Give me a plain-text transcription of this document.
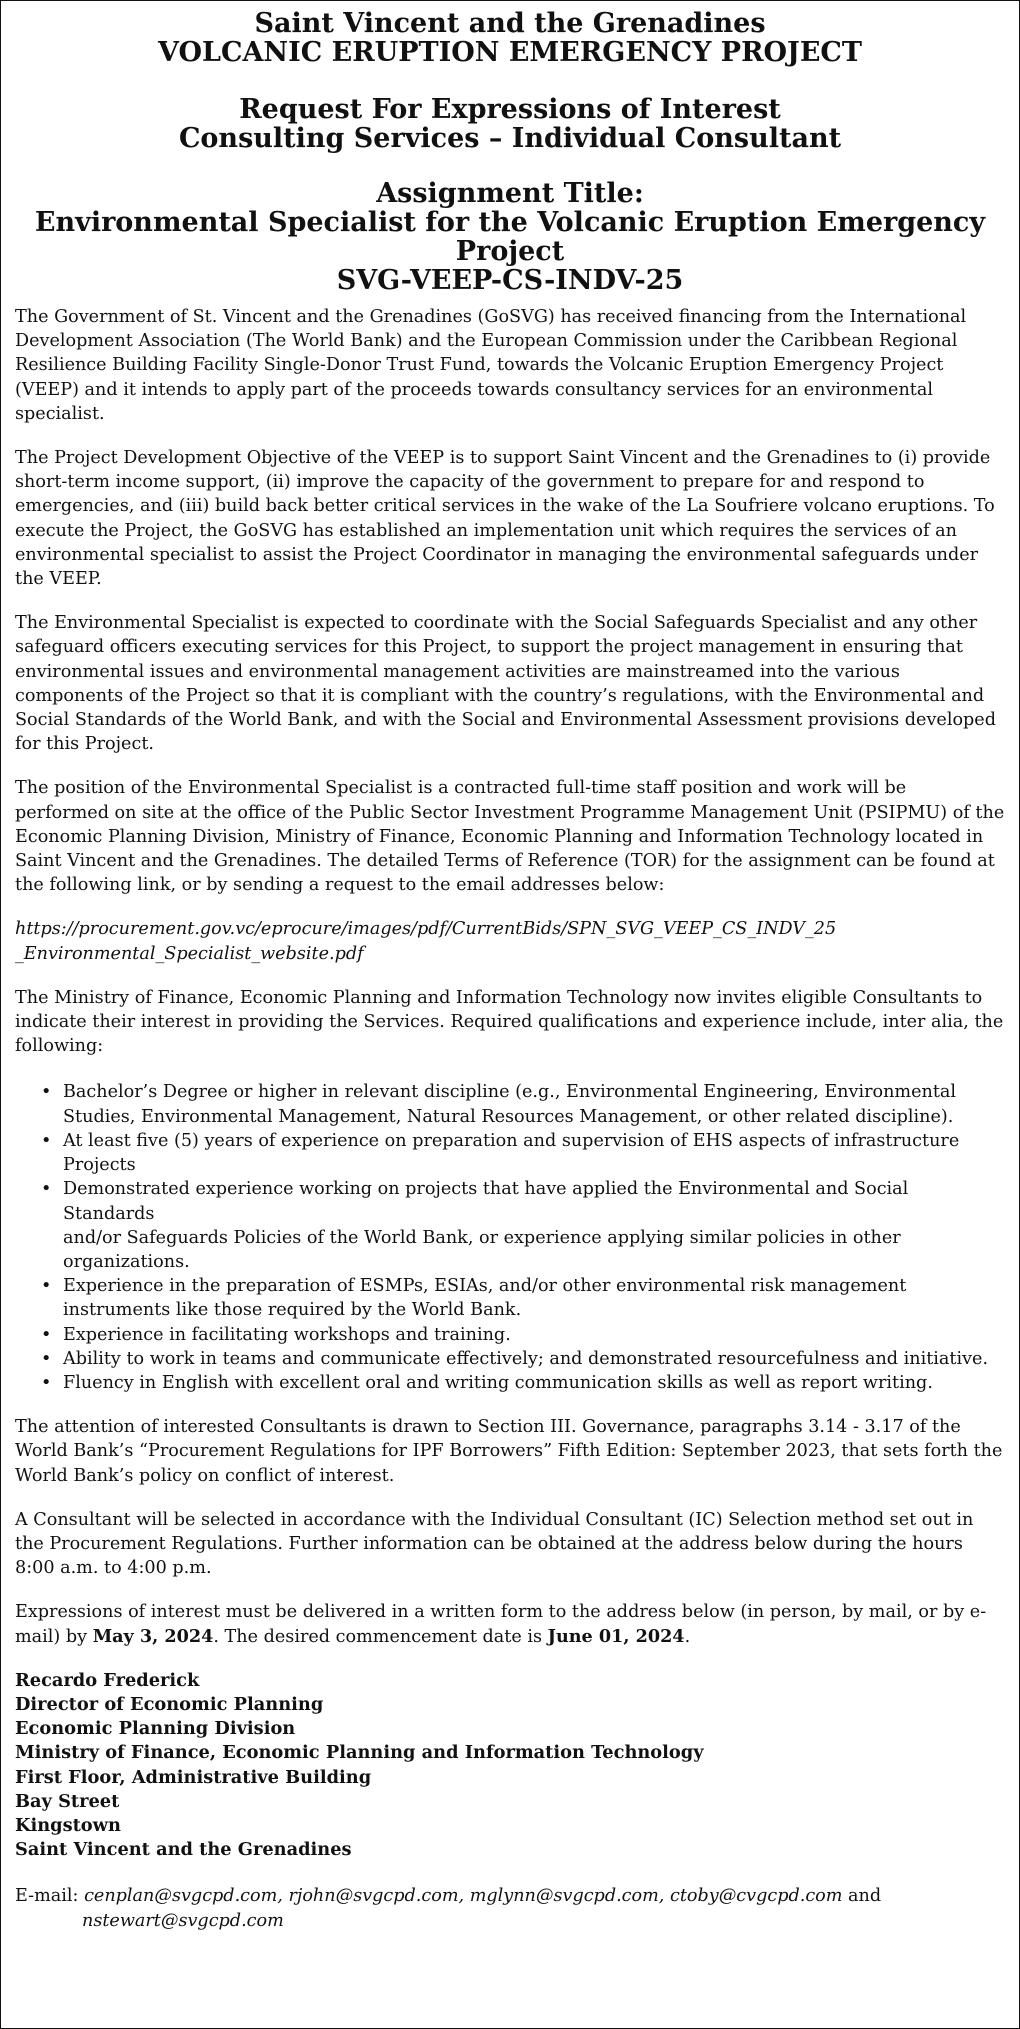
Saint Vincent and the Grenadines

VOLCANIC ERUPTION EMERGENCY PROJECT

Request For Expressions of Interest

Consulting Services – Individual Consultant

Assignment Title:

Environmental Specialist for the Volcanic Eruption Emergency Project

SVG-VEEP-CS-INDV-25

The Government of St. Vincent and the Grenadines (GoSVG) has received financing from the International Development Association (The World Bank) and the European Commission under the Caribbean Regional Resilience Building Facility Single-Donor Trust Fund, towards the Volcanic Eruption Emergency Project (VEEP) and it intends to apply part of the proceeds towards consultancy services for an environmental specialist.

The Project Development Objective of the VEEP is to support Saint Vincent and the Grenadines to (i) provide short-term income support, (ii) improve the capacity of the government to prepare for and respond to emergencies, and (iii) build back better critical services in the wake of the La Soufriere volcano eruptions. To execute the Project, the GoSVG has established an implementation unit which requires the services of an environmental specialist to assist the Project Coordinator in managing the environmental safeguards under the VEEP.

The Environmental Specialist is expected to coordinate with the Social Safeguards Specialist and any other safeguard officers executing services for this Project, to support the project management in ensuring that environmental issues and environmental management activities are mainstreamed into the various components of the Project so that it is compliant with the country’s regulations, with the Environmental and Social Standards of the World Bank, and with the Social and Environmental Assessment provisions developed for this Project.

The position of the Environmental Specialist is a contracted full-time staff position and work will be performed on site at the office of the Public Sector Investment Programme Management Unit (PSIPMU) of the Economic Planning Division, Ministry of Finance, Economic Planning and Information Technology located in Saint Vincent and the Grenadines. The detailed Terms of Reference (TOR) for the assignment can be found at the following link, or by sending a request to the email addresses below:

https://procurement.gov.vc/eprocure/images/pdf/CurrentBids/SPN_SVG_VEEP_CS_INDV_25
_Environmental_Specialist_website.pdf

The Ministry of Finance, Economic Planning and Information Technology now invites eligible Consultants to indicate their interest in providing the Services. Required qualifications and experience include, inter alia, the following:

• Bachelor’s Degree or higher in relevant discipline (e.g., Environmental Engineering, Environmental
Studies, Environmental Management, Natural Resources Management, or other related discipline).
• At least five (5) years of experience on preparation and supervision of EHS aspects of infrastructure
Projects
• Demonstrated experience working on projects that have applied the Environmental and Social Standards
and/or Safeguards Policies of the World Bank, or experience applying similar policies in other
organizations.
• Experience in the preparation of ESMPs, ESIAs, and/or other environmental risk management
instruments like those required by the World Bank.
• Experience in facilitating workshops and training.
• Ability to work in teams and communicate effectively; and demonstrated resourcefulness and initiative.
• Fluency in English with excellent oral and writing communication skills as well as report writing.

The attention of interested Consultants is drawn to Section III. Governance, paragraphs 3.14 - 3.17 of the World Bank’s “Procurement Regulations for IPF Borrowers” Fifth Edition: September 2023, that sets forth the World Bank’s policy on conflict of interest.

A Consultant will be selected in accordance with the Individual Consultant (IC) Selection method set out in the Procurement Regulations. Further information can be obtained at the address below during the hours 8:00 a.m. to 4:00 p.m.

Expressions of interest must be delivered in a written form to the address below (in person, by mail, or by e-mail) by May 3, 2024. The desired commencement date is June 01, 2024.

Recardo Frederick
Director of Economic Planning
Economic Planning Division
Ministry of Finance, Economic Planning and Information Technology
First Floor, Administrative Building
Bay Street
Kingstown
Saint Vincent and the Grenadines
E-mail: cenplan@svgcpd.com, rjohn@svgcpd.com, mglynn@svgcpd.com, ctoby@cvgcpd.com and
nstewart@svgcpd.com
